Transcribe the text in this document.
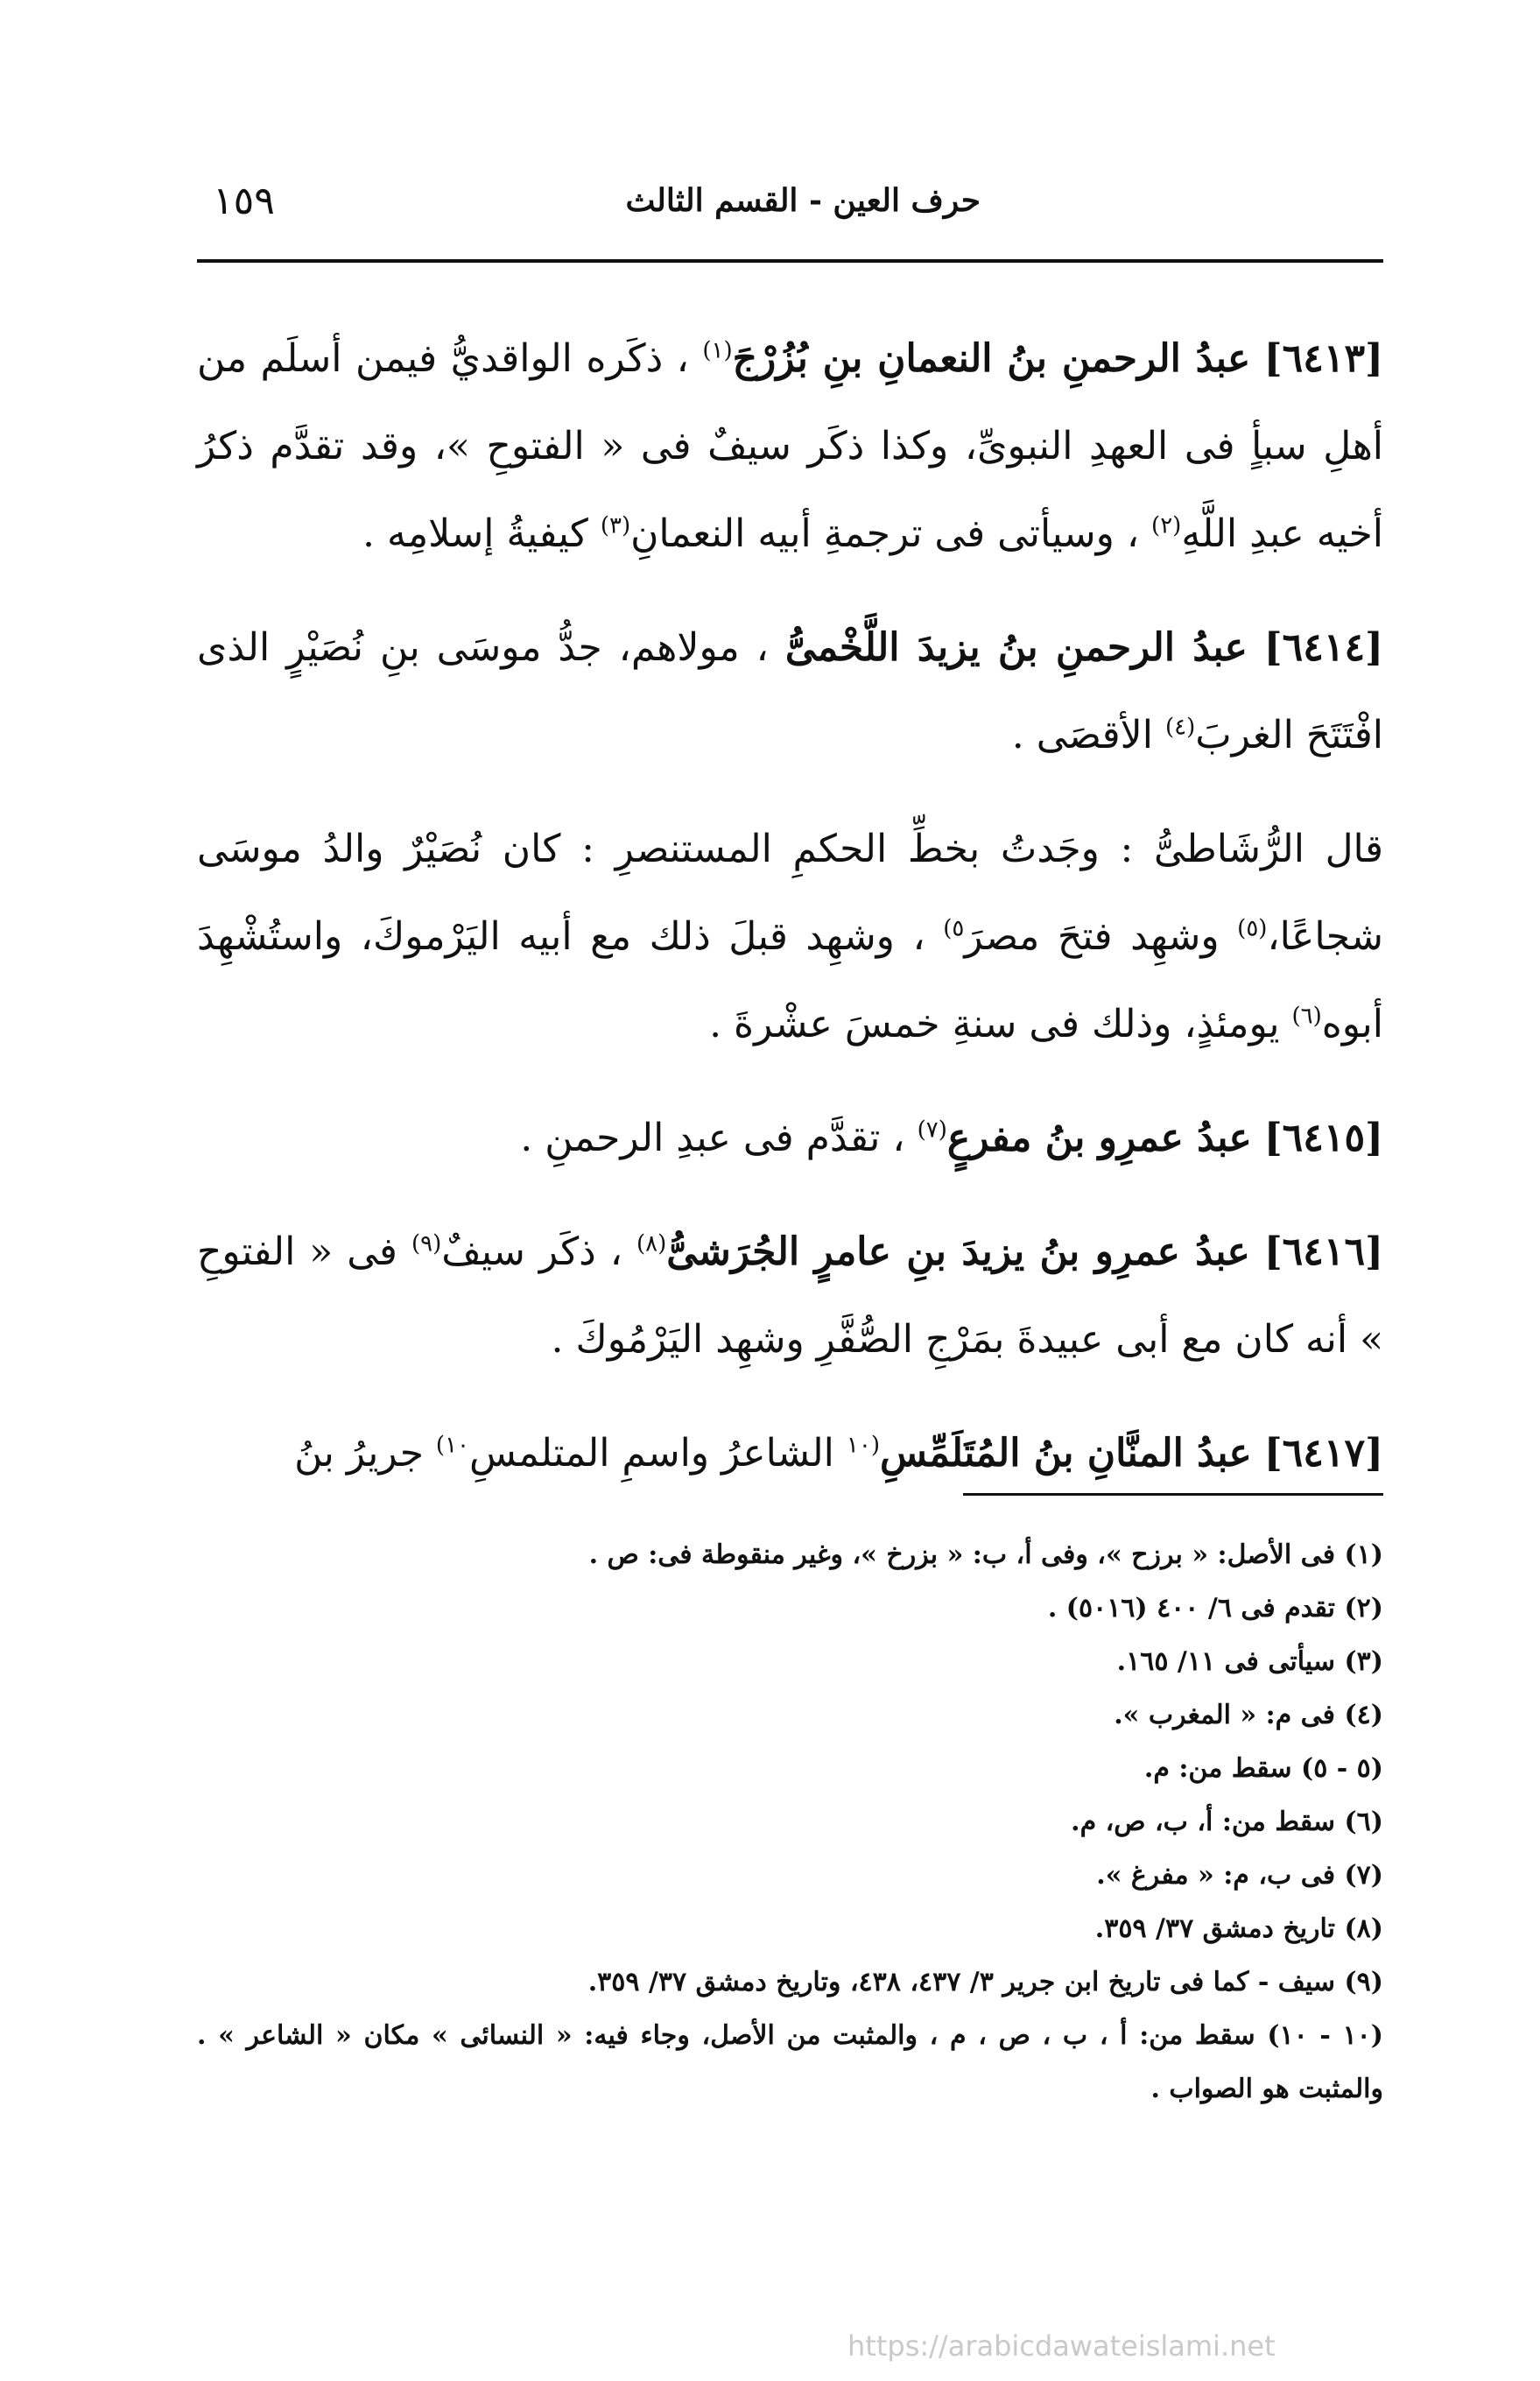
حرف العين - القسم الثالث
١٥٩

[٦٤١٣] عبدُ الرحمنِ بنُ النعمانِ بنِ بُزُرْجَ$^{(١)}$ ، ذكَره الواقديُّ فيمن أسلَم من أهلِ سبأٍ فى العهدِ النبوىِّ، وكذا ذكَر سيفٌ فى « الفتوحِ »، وقد تقدَّم ذكرُ أخيه عبدِ اللَّهِ$^{(٢)}$ ، وسيأتى فى ترجمةِ أبيه النعمانِ$^{(٣)}$ كيفيةُ إسلامِه .

[٦٤١٤] عبدُ الرحمنِ بنُ يزيدَ اللَّخْمىُّ ، مولاهم، جدُّ موسَى بنِ نُصَيْرٍ الذى افْتَتَحَ الغربَ$^{(٤)}$ الأقصَى .

قال الرُّشَاطىُّ : وجَدتُ بخطِّ الحكمِ المستنصرِ : كان نُصَيْرٌ والدُ موسَى شجاعًا،$^{(٥)}$ وشهِد فتحَ مصرَ$^{٥)}$ ، وشهِد قبلَ ذلك مع أبيه اليَرْموكَ، واستُشْهِدَ أبوه$^{(٦)}$ يومئذٍ، وذلك فى سنةِ خمسَ عشْرةَ .

[٦٤١٥] عبدُ عمرِو بنُ مفرعٍ$^{(٧)}$ ، تقدَّم فى عبدِ الرحمنِ .

[٦٤١٦] عبدُ عمرِو بنُ يزيدَ بنِ عامرٍ الجُرَشىُّ$^{(٨)}$ ، ذكَر سيفٌ$^{(٩)}$ فى « الفتوحِ » أنه كان مع أبى عبيدةَ بمَرْجِ الصُّفَّرِ وشهِد اليَرْمُوكَ .

[٦٤١٧] عبدُ المنَّانِ بنُ المُتَلَمِّسِ$^{(١٠}$ الشاعرُ واسمِ المتلمسِ$^{١٠)}$ جريرُ بنُ

(١) فى الأصل: « برزح »، وفى أ، ب: « بزرخ »، وغير منقوطة فى: ص .
(٢) تقدم فى ٦/ ٤٠٠ (٥٠١٦) .
(٣) سيأتى فى ١١/ ١٦٥.
(٤) فى م: « المغرب ».
(٥ - ٥) سقط من: م.
(٦) سقط من: أ، ب، ص، م.
(٧) فى ب، م: « مفرغ ».
(٨) تاريخ دمشق ٣٧/ ٣٥٩.
(٩) سيف - كما فى تاريخ ابن جرير ٣/ ٤٣٧، ٤٣٨، وتاريخ دمشق ٣٧/ ٣٥٩.
(١٠ - ١٠) سقط من: أ ، ب ، ص ، م ، والمثبت من الأصل، وجاء فيه: « النسائى » مكان « الشاعر » . والمثبت هو الصواب .
https://arabicdawateislami.net
